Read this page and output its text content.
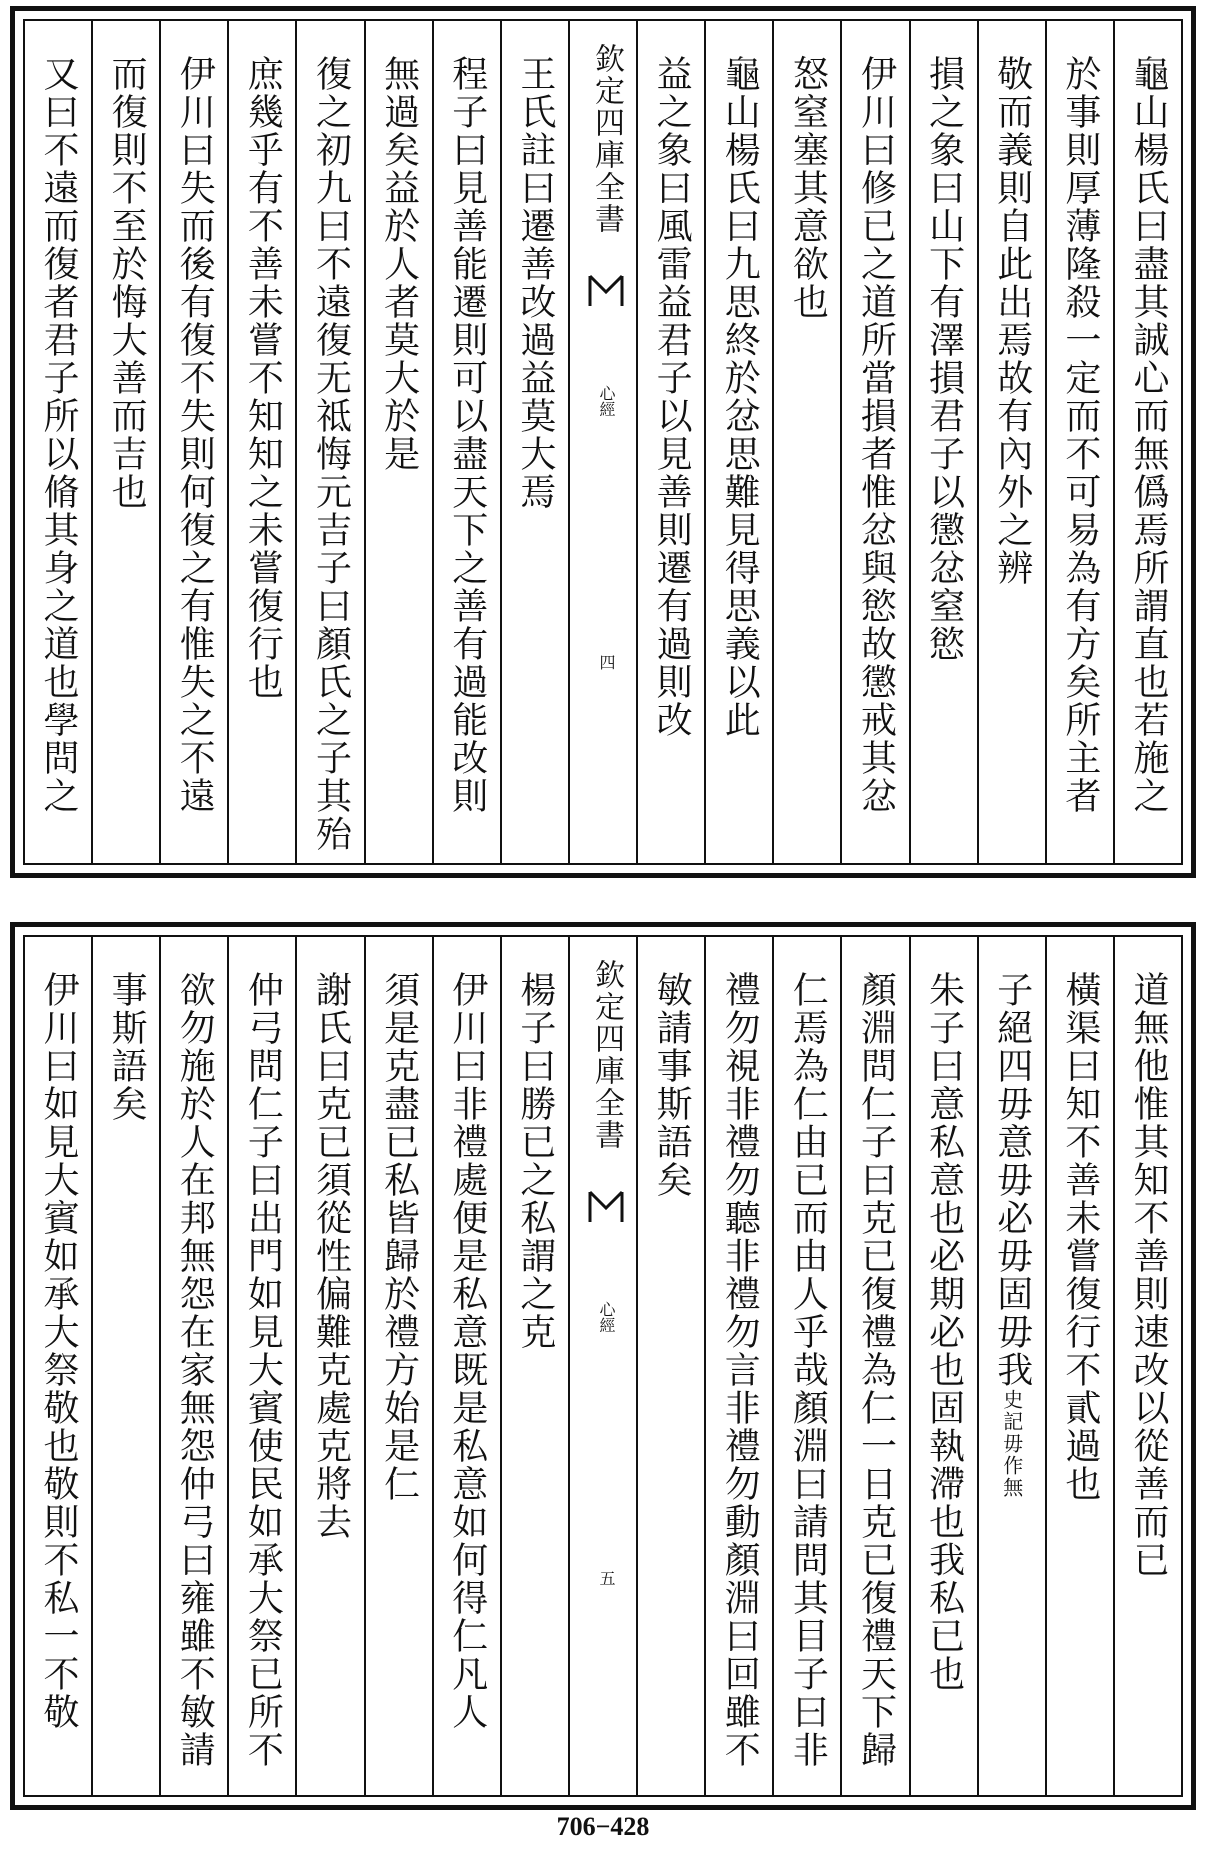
龜山楊氏曰盡其誠心而無僞焉所謂直也若施之
於事則厚薄隆殺一定而不可易為有方矣所主者
敬而義則自此出焉故有內外之辨
損之象曰山下有澤損君子以懲忿窒慾
伊川曰修已之道所當損者惟忿與慾故懲戒其忿
怒窒塞其意欲也
龜山楊氏曰九思終於忿思難見得思義以此
益之象曰風雷益君子以見善則遷有過則改
欽定四庫全書
心經 四
王氏註曰遷善改過益莫大焉
程子曰見善能遷則可以盡天下之善有過能改則
無過矣益於人者莫大於是
復之初九曰不遠復无祗悔元吉子曰顏氏之子其殆
庶幾乎有不善未嘗不知知之未嘗復行也
伊川曰失而後有復不失則何復之有惟失之不遠
而復則不至於悔大善而吉也
又曰不遠而復者君子所以脩其身之道也學問之
道無他惟其知不善則速改以從善而已
橫渠曰知不善未嘗復行不貳過也
子絕四毋意毋必毋固毋我史記毋作無
朱子曰意私意也必期必也固執滯也我私已也
顏淵問仁子曰克已復禮為仁一日克已復禮天下歸
仁焉為仁由已而由人乎哉顏淵曰請問其目子曰非
禮勿視非禮勿聽非禮勿言非禮勿動顏淵曰回雖不
敏請事斯語矣
欽定四庫全書
心經 五
楊子曰勝已之私謂之克
伊川曰非禮處便是私意既是私意如何得仁凡人
須是克盡已私皆歸於禮方始是仁
謝氏曰克已須從性偏難克處克將去
仲弓問仁子曰出門如見大賓使民如承大祭已所不
欲勿施於人在邦無怨在家無怨仲弓曰雍雖不敏請
事斯語矣
伊川曰如見大賓如承大祭敬也敬則不私一不敬
706−428
